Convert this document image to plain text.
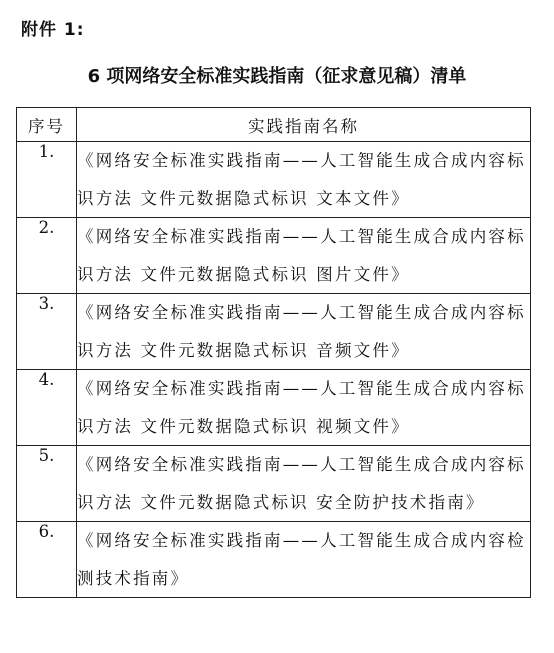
附件 1:
6 项网络安全标准实践指南（征求意见稿）清单
序号	实践指南名称
1.	《网络安全标准实践指南——人工智能生成合成内容标识方法 文件元数据隐式标识 文本文件》
2.	《网络安全标准实践指南——人工智能生成合成内容标识方法 文件元数据隐式标识 图片文件》
3.	《网络安全标准实践指南——人工智能生成合成内容标识方法 文件元数据隐式标识 音频文件》
4.	《网络安全标准实践指南——人工智能生成合成内容标识方法 文件元数据隐式标识 视频文件》
5.	《网络安全标准实践指南——人工智能生成合成内容标识方法 文件元数据隐式标识 安全防护技术指南》
6.	《网络安全标准实践指南——人工智能生成合成内容检测技术指南》
